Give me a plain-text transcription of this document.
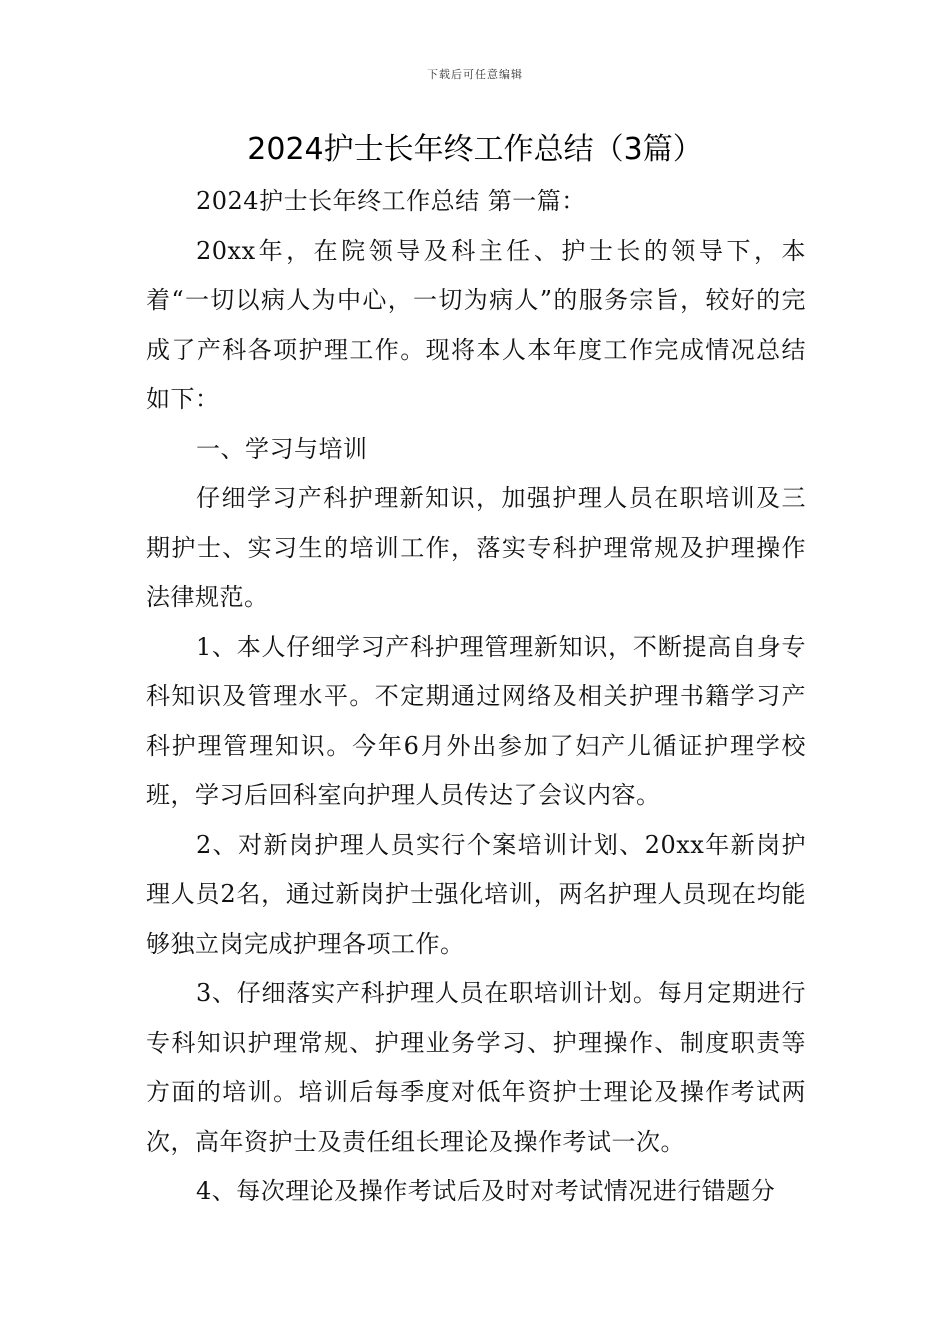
下载后可任意编辑
2024护士长年终工作总结（3篇）

2024护士长年终工作总结 第一篇：

20xx年，在院领导及科主任、护士长的领导下，本着“一切以病人为中心，一切为病人”的服务宗旨，较好的完成了产科各项护理工作。现将本人本年度工作完成情况总结如下：

一、学习与培训

仔细学习产科护理新知识，加强护理人员在职培训及三期护士、实习生的培训工作，落实专科护理常规及护理操作法律规范。

1、本人仔细学习产科护理管理新知识，不断提高自身专科知识及管理水平。不定期通过网络及相关护理书籍学习产科护理管理知识。今年6月外出参加了妇产儿循证护理学校班，学习后回科室向护理人员传达了会议内容。

2、对新岗护理人员实行个案培训计划、20xx年新岗护理人员2名，通过新岗护士强化培训，两名护理人员现在均能够独立岗完成护理各项工作。

3、仔细落实产科护理人员在职培训计划。每月定期进行专科知识护理常规、护理业务学习、护理操作、制度职责等方面的培训。培训后每季度对低年资护士理论及操作考试两次，高年资护士及责任组长理论及操作考试一次。

4、每次理论及操作考试后及时对考试情况进行错题分
